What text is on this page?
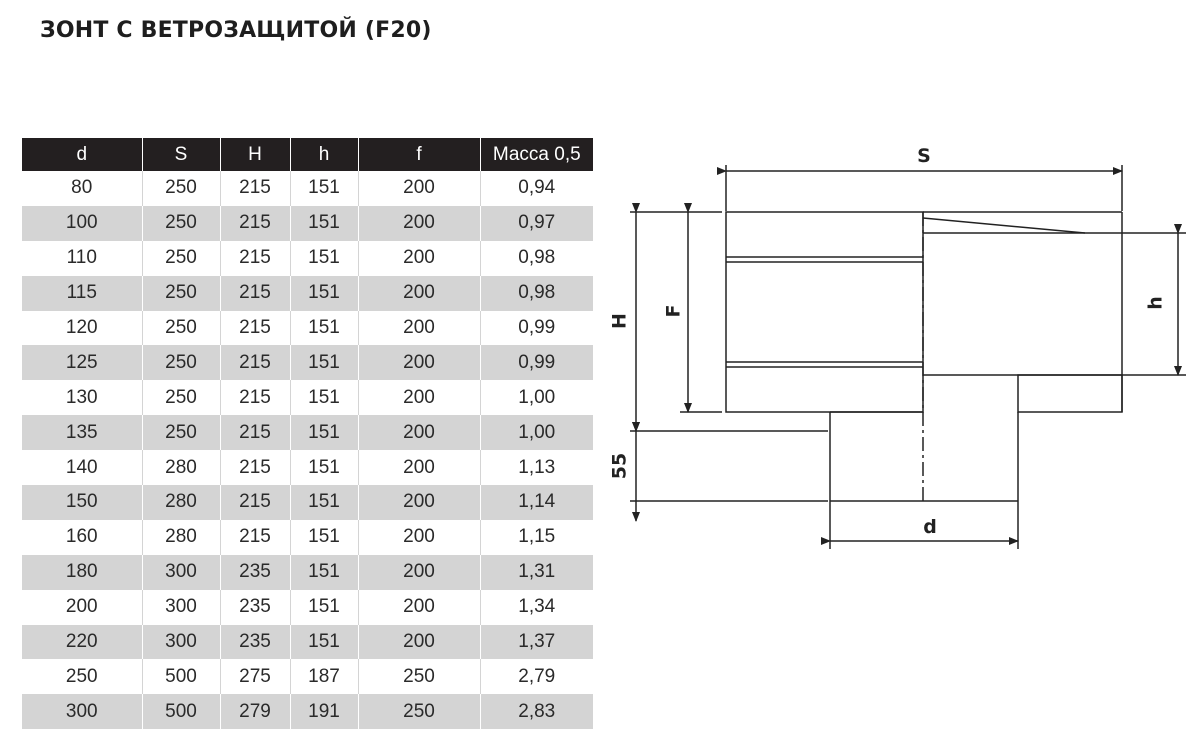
ЗОНТ С ВЕТРОЗАЩИТОЙ (F20)
d	S	H	h	f	Масса 0,5
80	250	215	151	200	0,94
100	250	215	151	200	0,97
110	250	215	151	200	0,98
115	250	215	151	200	0,98
120	250	215	151	200	0,99
125	250	215	151	200	0,99
130	250	215	151	200	1,00
135	250	215	151	200	1,00
140	280	215	151	200	1,13
150	280	215	151	200	1,14
160	280	215	151	200	1,15
180	300	235	151	200	1,31
200	300	235	151	200	1,34
220	300	235	151	200	1,37
250	500	275	187	250	2,79
300	500	279	191	250	2,83
S
d
H
F
55
h
